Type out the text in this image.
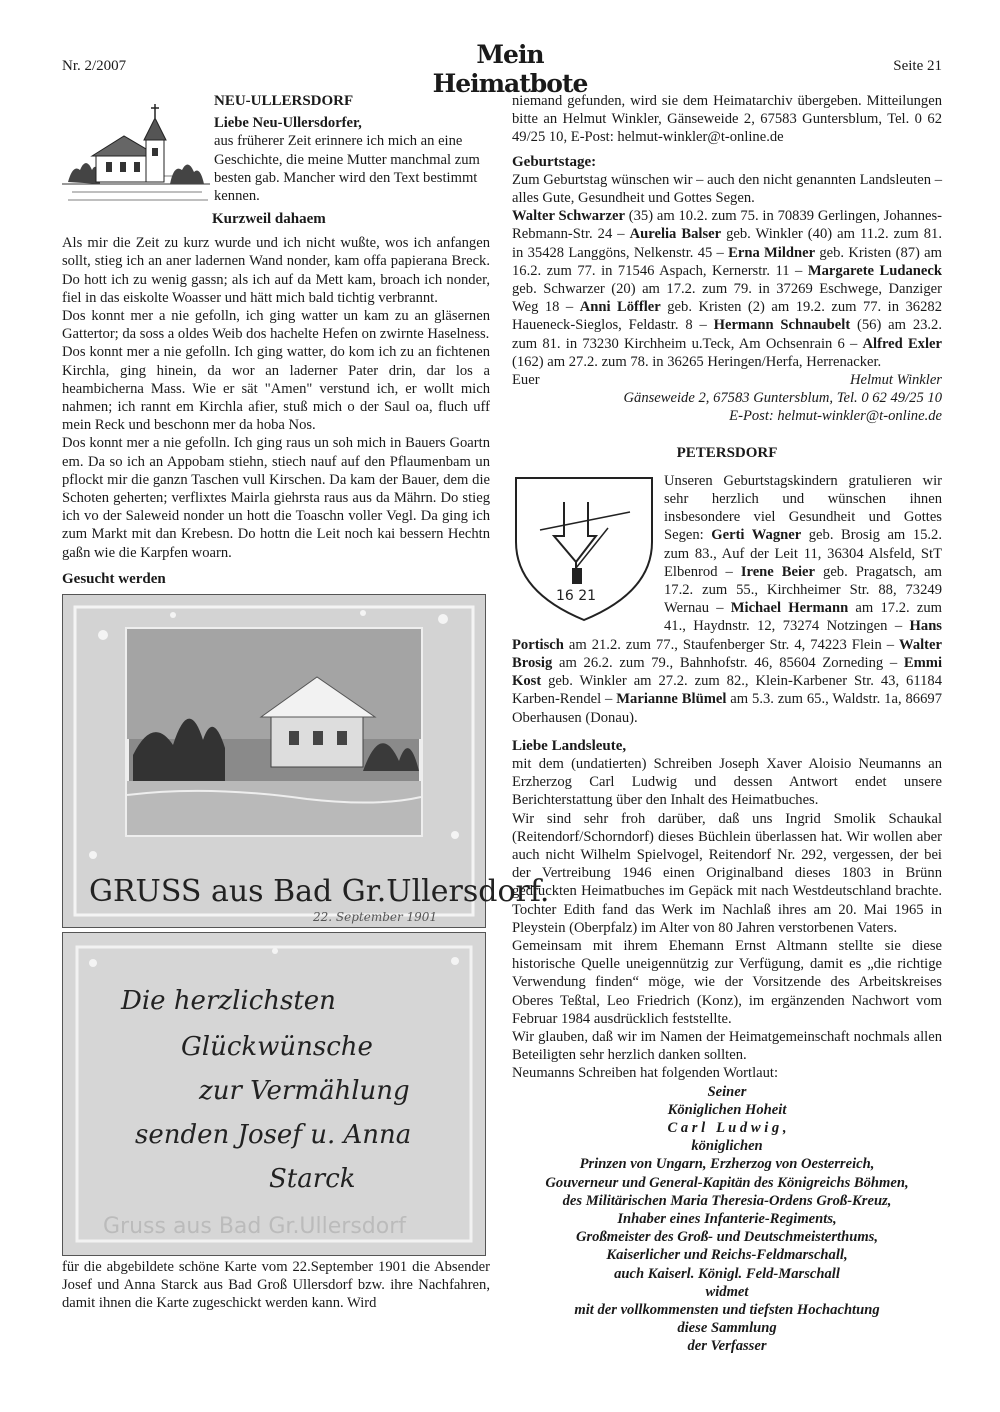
Nr. 2/2007	Mein Heimatbote
Seite 21

NEU-ULLERSDORF

Liebe Neu-Ullersdorfer,

aus früherer Zeit erinnere ich mich an eine

Geschichte, die meine Mutter manchmal zum

besten gab. Mancher wird den Text bestimmt

kennen.

Kurzweil dahaem

Als mir die Zeit zu kurz wurde und ich nicht wußte, wos ich anfangen sollt, stieg ich an aner ladernen Wand nonder, kam offa papierana Breck. Do hott ich zu wenig gassn; als ich auf da Mett kam, broach ich nonder, fiel in das eiskolte Woasser und hätt mich bald tichtig verbrannt.

Dos konnt mer a nie gefolln, ich ging watter un kam zu an gläsernen Gattertor; da soss a oldes Weib dos hachelte Hefen on zwirnte Haselness.

Dos konnt mer a nie gefolln. Ich ging watter, do kom ich zu an fichtenen Kirchla, ging hinein, da wor an laderner Pater drin, dar los a heambicherna Mass. Wie er sät "Amen" verstund ich, er wollt mich nahmen; ich rannt em Kirchla afier, stuß mich o der Saul oa, fluch uff mein Reck und beschonn mer da hoba Nos.

Dos konnt mer a nie gefolln. Ich ging raus un soh mich in Bauers Goartn em. Da so ich an Appobam stiehn, stiech nauf auf den Pflaumenbam un pflockt mir die ganzn Taschen vull Kirschen. Da kam der Bauer, dem die Schoten geherten; verflixtes Mairla giehrsta raus aus da Mährn. Do stieg ich vo der Saleweid nonder un hott die Toaschn voller Vegl. Da ging ich zum Markt mit dan Krebesn. Do hottn die Leit noch kai bessern Hechtn gaßn wie die Karpfen woarn.

Gesucht werden

GRUSS aus Bad Gr.Ullersdorf.
22. September 1901
Die herzlichsten
Glückwünsche
zur Vermählung
senden Josef u. Anna
Starck
Gruss aus Bad Gr.Ullersdorf

für die abgebildete schöne Karte vom 22.September 1901 die Absender Josef und Anna Starck aus Bad Groß Ullersdorf bzw. ihre Nachfahren, damit ihnen die Karte zugeschickt werden kann. Wird

niemand gefunden, wird sie dem Heimatarchiv übergeben. Mitteilungen bitte an Helmut Winkler, Gänseweide 2, 67583 Guntersblum, Tel. 0 62 49/25 10, E-Post: helmut-winkler@t-online.de

Geburtstage:

Zum Geburtstag wünschen wir – auch den nicht genannten Landsleuten – alles Gute, Gesundheit und Gottes Segen.

Walter Schwarzer (35) am 10.2. zum 75. in 70839 Gerlingen, Johannes-Rebmann-Str. 24 – Aurelia Balser geb. Winkler (40) am 11.2. zum 81. in 35428 Langgöns, Nelkenstr. 45 – Erna Mildner geb. Kristen (87) am 16.2. zum 77. in 71546 Aspach, Kernerstr. 11 – Margarete Ludaneck geb. Schwarzer (20) am 17.2. zum 79. in 37269 Eschwege, Danziger Weg 18 – Anni Löffler geb. Kristen (2) am 19.2. zum 77. in 36282 Haueneck-Sieglos, Feldastr. 8 – Hermann Schnaubelt (56) am 23.2. zum 81. in 73230 Kirchheim u.Teck, Am Ochsenrain 6 – Alfred Exler (162) am 27.2. zum 78. in 36265 Heringen/Herfa, Herrenacker.

Euer	Helmut Winkler

Gänseweide 2, 67583 Guntersblum, Tel. 0 62 49/25 10

E-Post: helmut-winkler@t-online.de

PETERSDORF

16 21

Unseren Geburtstagskindern gratulieren wir sehr herzlich und wünschen ihnen insbesondere viel Gesundheit und Gottes Segen: Gerti Wagner geb. Brosig am 15.2. zum 83., Auf der Leit 11, 36304 Alsfeld, StT Elbenrod – Irene Beier geb. Pragatsch, am 17.2. zum 55., Kirchheimer Str. 88, 73249 Wernau – Michael Hermann am 17.2. zum 41., Haydnstr. 12, 73274 Notzingen – Hans Portisch am 21.2. zum 77., Staufenberger Str. 4, 74223 Flein – Walter Brosig am 26.2. zum 79., Bahnhofstr. 46, 85604 Zorneding – Emmi Kost geb. Winkler am 27.2. zum 82., Klein-Karbener Str. 43, 61184 Karben-Rendel – Marianne Blümel am 5.3. zum 65., Waldstr. 1a, 86697 Oberhausen (Donau).

Liebe Landsleute,

mit dem (undatierten) Schreiben Joseph Xaver Aloisio Neumanns an Erzherzog Carl Ludwig und dessen Antwort endet unsere Berichterstattung über den Inhalt des Heimatbuches.

Wir sind sehr froh darüber, daß uns Ingrid Smolik Schaukal (Reitendorf/Schorndorf) dieses Büchlein überlassen hat. Wir wollen aber auch nicht Wilhelm Spielvogel, Reitendorf Nr. 292, vergessen, der bei der Vertreibung 1946 einen Originalband dieses 1803 in Brünn gedruckten Heimatbuches im Gepäck mit nach Westdeutschland brachte. Tochter Edith fand das Werk im Nachlaß ihres am 20. Mai 1965 in Pleystein (Oberpfalz) im Alter von 80 Jahren verstorbenen Vaters.

Gemeinsam mit ihrem Ehemann Ernst Altmann stellte sie diese historische Quelle uneigennützig zur Verfügung, damit es „die richtige Verwendung finden“ möge, wie der Vorsitzende des Arbeitskreises Oberes Teßtal, Leo Friedrich (Konz), im ergänzenden Nachwort vom Februar 1984 ausdrücklich feststellte.

Wir glauben, daß wir im Namen der Heimatgemeinschaft nochmals allen Beteiligten sehr herzlich danken sollten.

Neumanns Schreiben hat folgenden Wortlaut:

Seiner

Königlichen Hoheit

C a r l   L u d w i g ,

königlichen

Prinzen von Ungarn, Erzherzog von Oesterreich,

Gouverneur und General-Kapitän des Königreichs Böhmen,

des Militärischen Maria Theresia-Ordens Groß-Kreuz,

Inhaber eines Infanterie-Regiments,

Großmeister des Groß- und Deutschmeisterthums,

Kaiserlicher und Reichs-Feldmarschall,

auch Kaiserl. Königl. Feld-Marschall

widmet

mit der vollkommensten und tiefsten Hochachtung

diese Sammlung

der Verfasser
